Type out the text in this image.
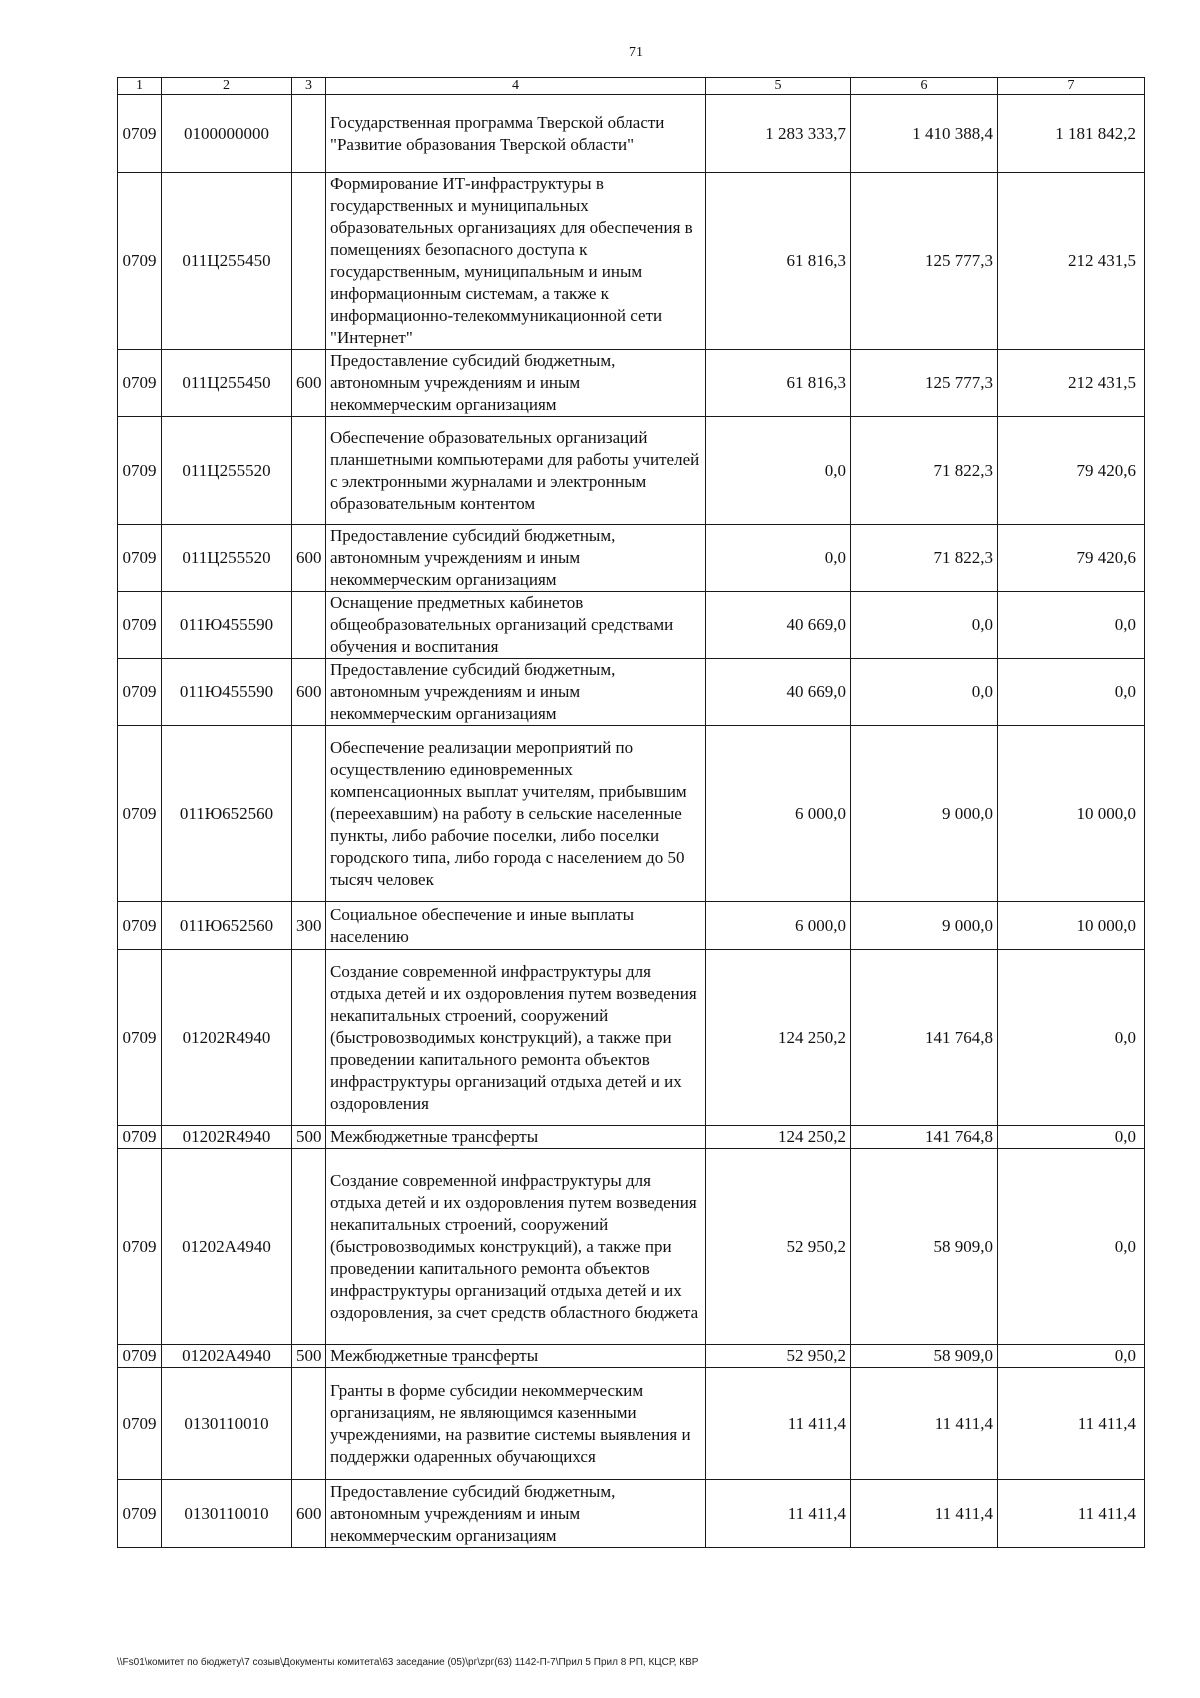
71
1	2	3	4	5	6	7
0709	0100000000		Государственная программа Тверской области "Развитие образования Тверской области"	1 283 333,7	1 410 388,4	1 181 842,2
0709	011Ц255450		Формирование ИТ-инфраструктуры в государственных и муниципальных образовательных организациях для обеспечения в помещениях безопасного доступа к государственным, муниципальным и иным информационным системам, а также к информационно-телекоммуникационной сети "Интернет"	61 816,3	125 777,3	212 431,5
0709	011Ц255450	600	Предоставление субсидий бюджетным, автономным учреждениям и иным некоммерческим организациям	61 816,3	125 777,3	212 431,5
0709	011Ц255520		Обеспечение образовательных организаций планшетными компьютерами для работы учителей с электронными журналами и электронным образовательным контентом	0,0	71 822,3	79 420,6
0709	011Ц255520	600	Предоставление субсидий бюджетным, автономным учреждениям и иным некоммерческим организациям	0,0	71 822,3	79 420,6
0709	011Ю455590		Оснащение предметных кабинетов общеобразовательных организаций средствами обучения и воспитания	40 669,0	0,0	0,0
0709	011Ю455590	600	Предоставление субсидий бюджетным, автономным учреждениям и иным некоммерческим организациям	40 669,0	0,0	0,0
0709	011Ю652560		Обеспечение реализации мероприятий по осуществлению единовременных компенсационных выплат учителям, прибывшим (переехавшим) на работу в сельские населенные пункты, либо рабочие поселки, либо поселки городского типа, либо города с населением до 50 тысяч человек	6 000,0	9 000,0	10 000,0
0709	011Ю652560	300	Социальное обеспечение и иные выплаты населению	6 000,0	9 000,0	10 000,0
0709	01202R4940		Создание современной инфраструктуры для отдыха детей и их оздоровления путем возведения некапитальных строений, сооружений (быстровозводимых конструкций), а также при проведении капитального ремонта объектов инфраструктуры организаций отдыха детей и их оздоровления	124 250,2	141 764,8	0,0
0709	01202R4940	500	Межбюджетные трансферты	124 250,2	141 764,8	0,0
0709	01202А4940		Создание современной инфраструктуры для отдыха детей и их оздоровления путем возведения некапитальных строений, сооружений (быстровозводимых конструкций), а также при проведении капитального ремонта объектов инфраструктуры организаций отдыха детей и их оздоровления, за счет средств областного бюджета	52 950,2	58 909,0	0,0
0709	01202А4940	500	Межбюджетные трансферты	52 950,2	58 909,0	0,0
0709	0130110010		Гранты в форме субсидии некоммерческим организациям, не являющимся казенными учреждениями, на развитие системы выявления и поддержки одаренных обучающихся	11 411,4	11 411,4	11 411,4
0709	0130110010	600	Предоставление субсидий бюджетным, автономным учреждениям и иным некоммерческим организациям	11 411,4	11 411,4	11 411,4
\\Fs01\комитет по бюджету\7 созыв\Документы комитета\63 заседание (05)\рг\zрг(63) 1142-П-7\Прил 5 Прил 8 РП, КЦСР, КВР
